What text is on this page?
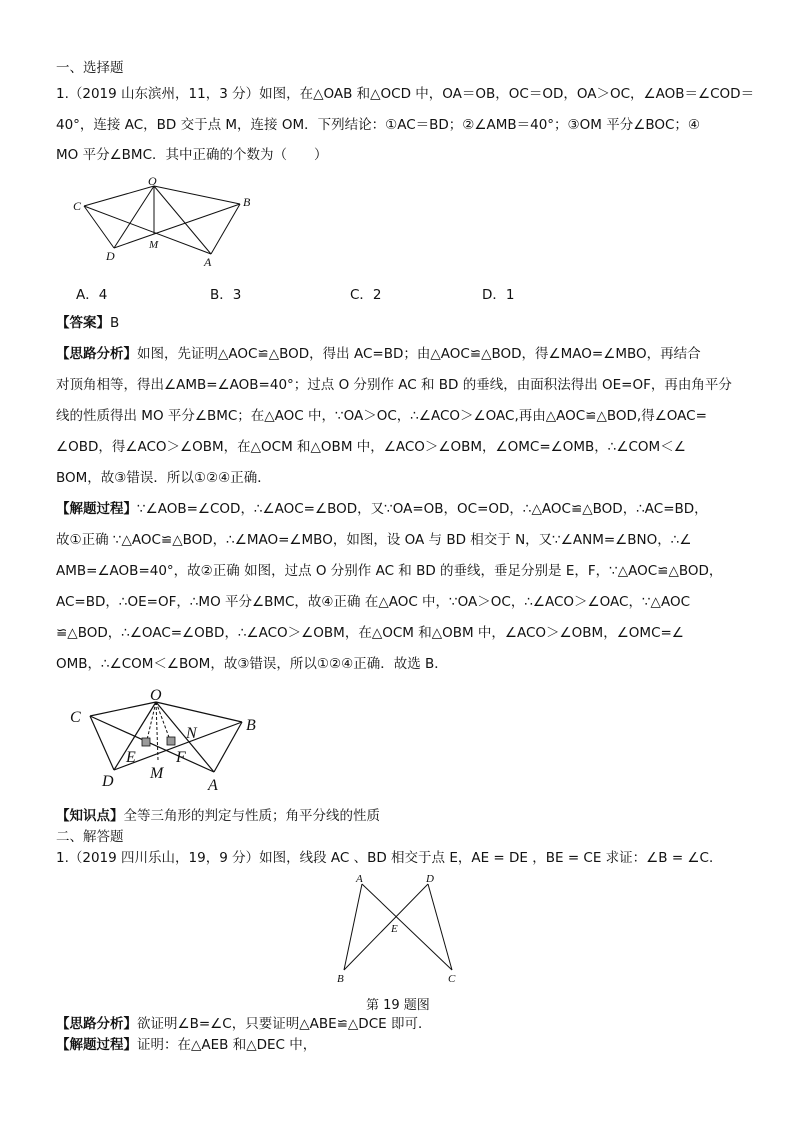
一、选择题
1.（2019 山东滨州，11，3 分）如图，在△OAB 和△OCD 中，OA＝OB，OC＝OD，OA＞OC，∠AOB＝∠COD＝
40°，连接 AC，BD 交于点 M，连接 OM．下列结论：①AC＝BD；②∠AMB＝40°；③OM 平分∠BOC；④
MO 平分∠BMC．其中正确的个数为（　　）
O
C	B
D
M
A
A．4	B．3	C．2	D．1
【答案】B
【思路分析】如图，先证明△AOC≌△BOD，得出 AC=BD；由△AOC≌△BOD，得∠MAO=∠MBO，再结合
对顶角相等，得出∠AMB=∠AOB=40°；过点 O 分别作 AC 和 BD 的垂线，由面积法得出 OE=OF，再由角平分
线的性质得出 MO 平分∠BMC；在△AOC 中，∵OA＞OC，∴∠ACO＞∠OAC,再由△AOC≌△BOD,得∠OAC=
∠OBD，得∠ACO＞∠OBM，在△OCM 和△OBM 中，∠ACO＞∠OBM，∠OMC=∠OMB，∴∠COM＜∠
BOM，故③错误．所以①②④正确．
【解题过程】∵∠AOB=∠COD，∴∠AOC=∠BOD，又∵OA=OB，OC=OD，∴△AOC≌△BOD，∴AC=BD，
故①正确 ∵△AOC≌△BOD，∴∠MAO=∠MBO，如图，设 OA 与 BD 相交于 N，又∵∠ANM=∠BNO，∴∠
AMB=∠AOB=40°，故②正确 如图，过点 O 分别作 AC 和 BD 的垂线，垂足分别是 E，F，∵△AOC≌△BOD，
AC=BD，∴OE=OF，∴MO 平分∠BMC，故④正确 在△AOC 中，∵OA＞OC，∴∠ACO＞∠OAC，∵△AOC
≌△BOD，∴∠OAC=∠OBD，∴∠ACO＞∠OBM，在△OCM 和△OBM 中，∠ACO＞∠OBM，∠OMC=∠
OMB，∴∠COM＜∠BOM，故③错误，所以①②④正确．故选 B．
O
C	B
N
E	F
M
D	A
【知识点】全等三角形的判定与性质；角平分线的性质
二、解答题
1.（2019 四川乐山，19，9 分）如图，线段 AC 、BD 相交于点 E，AE = DE ，BE = CE 求证：∠B = ∠C．
A	D
E
B	C
第 19 题图
【思路分析】欲证明∠B=∠C，只要证明△ABE≌△DCE 即可．
【解题过程】证明：在△AEB 和△DEC 中，
